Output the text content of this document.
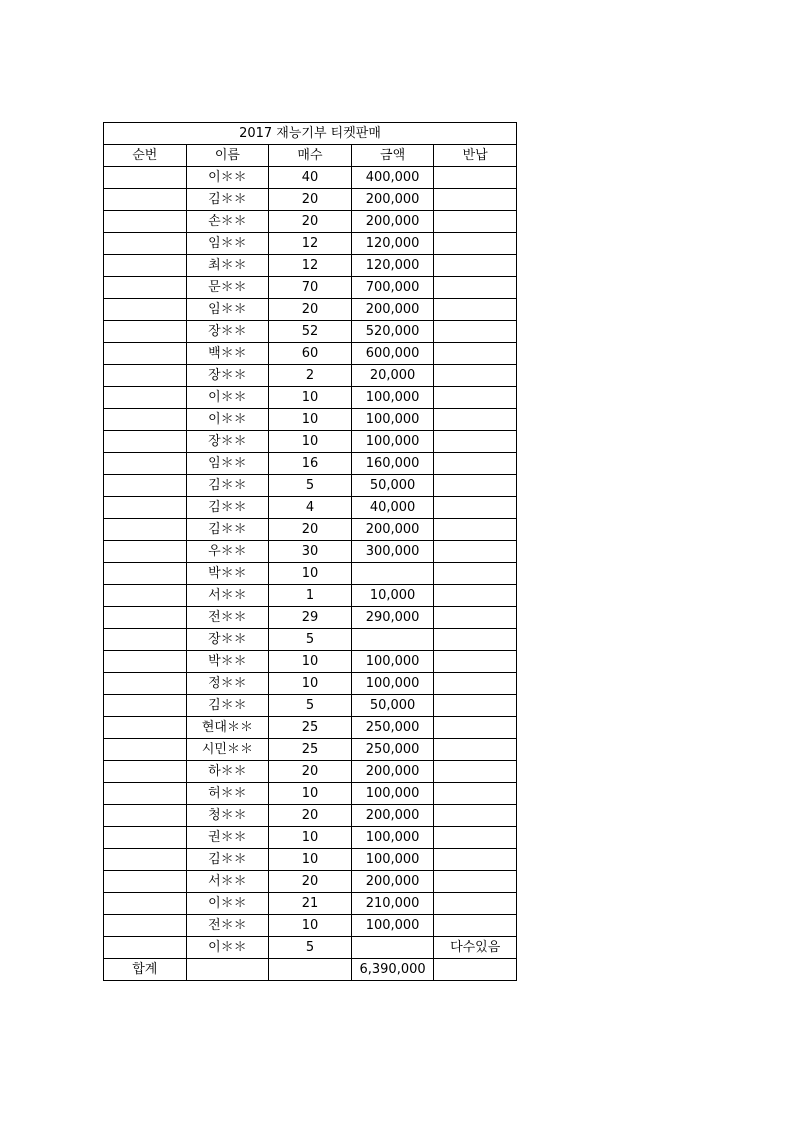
2017 재능기부 티켓판매				
순번	이름	매수	금액	반납
	이＊＊	40	400,000	
	김＊＊	20	200,000	
	손＊＊	20	200,000	
	임＊＊	12	120,000	
	최＊＊	12	120,000	
	문＊＊	70	700,000	
	임＊＊	20	200,000	
	장＊＊	52	520,000	
	백＊＊	60	600,000	
	장＊＊	2	20,000	
	이＊＊	10	100,000	
	이＊＊	10	100,000	
	장＊＊	10	100,000	
	임＊＊	16	160,000	
	김＊＊	5	50,000	
	김＊＊	4	40,000	
	김＊＊	20	200,000	
	우＊＊	30	300,000	
	박＊＊	10		
	서＊＊	1	10,000	
	전＊＊	29	290,000	
	장＊＊	5		
	박＊＊	10	100,000	
	정＊＊	10	100,000	
	김＊＊	5	50,000	
	현대＊＊	25	250,000	
	시민＊＊	25	250,000	
	하＊＊	20	200,000	
	허＊＊	10	100,000	
	청＊＊	20	200,000	
	권＊＊	10	100,000	
	김＊＊	10	100,000	
	서＊＊	20	200,000	
	이＊＊	21	210,000	
	전＊＊	10	100,000	
	이＊＊	5		다수있음
합계			6,390,000	
